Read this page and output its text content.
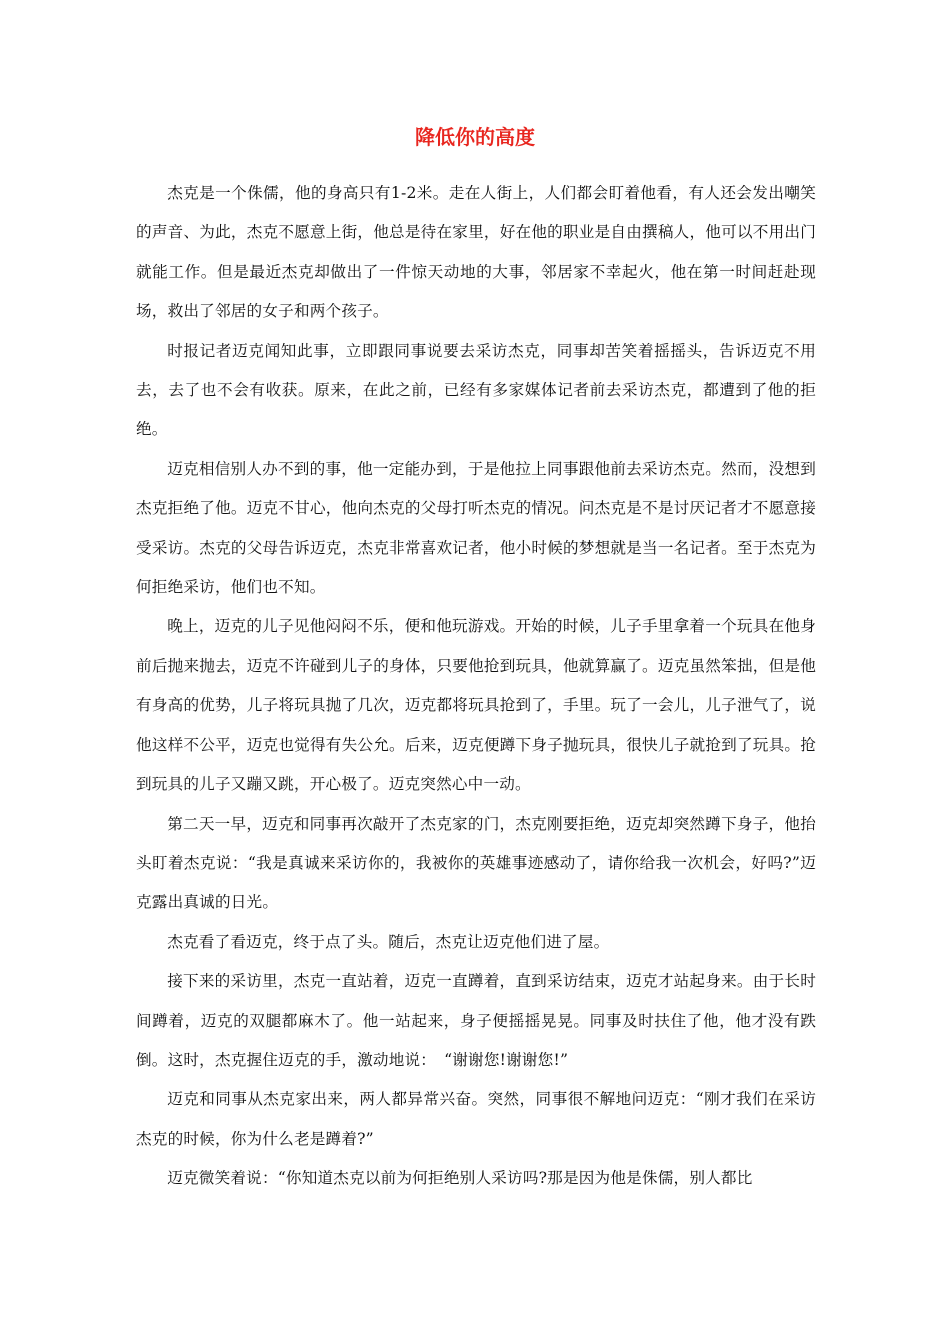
降低你的高度

杰克是一个侏儒，他的身高只有1-2米。走在人街上，人们都会盯着他看，有人还会发出嘲笑的声音、为此，杰克不愿意上街，他总是待在家里，好在他的职业是自由撰稿人，他可以不用出门就能工作。但是最近杰克却做出了一件惊天动地的大事，邻居家不幸起火，他在第一时间赶赴现场，救出了邻居的女子和两个孩子。

时报记者迈克闻知此事，立即跟同事说要去采访杰克，同事却苦笑着摇摇头，告诉迈克不用去，去了也不会有收获。原来，在此之前，已经有多家媒体记者前去采访杰克，都遭到了他的拒绝。

迈克相信别人办不到的事，他一定能办到，于是他拉上同事跟他前去采访杰克。然而，没想到杰克拒绝了他。迈克不甘心，他向杰克的父母打听杰克的情况。问杰克是不是讨厌记者才不愿意接受采访。杰克的父母告诉迈克，杰克非常喜欢记者，他小时候的梦想就是当一名记者。至于杰克为何拒绝采访，他们也不知。

晚上，迈克的儿子见他闷闷不乐，便和他玩游戏。开始的时候，儿子手里拿着一个玩具在他身前后抛来抛去，迈克不许碰到儿子的身体，只要他抢到玩具，他就算赢了。迈克虽然笨拙，但是他有身高的优势，儿子将玩具抛了几次，迈克都将玩具抢到了，手里。玩了一会儿，儿子泄气了，说他这样不公平，迈克也觉得有失公允。后来，迈克便蹲下身子抛玩具，很快儿子就抢到了玩具。抢到玩具的儿子又蹦又跳，开心极了。迈克突然心中一动。

第二天一早，迈克和同事再次敲开了杰克家的门，杰克刚要拒绝，迈克却突然蹲下身子，他抬头盯着杰克说：“我是真诚来采访你的，我被你的英雄事迹感动了，请你给我一次机会，好吗?”迈克露出真诚的日光。

杰克看了看迈克，终于点了头。随后，杰克让迈克他们进了屋。

接下来的采访里，杰克一直站着，迈克一直蹲着，直到采访结束，迈克才站起身来。由于长时间蹲着，迈克的双腿都麻木了。他一站起来，身子便摇摇晃晃。同事及时扶住了他，他才没有跌倒。这时，杰克握住迈克的手，激动地说：　“谢谢您!谢谢您!”

迈克和同事从杰克家出来，两人都异常兴奋。突然，同事很不解地问迈克：“刚才我们在采访杰克的时候，你为什么老是蹲着?”

迈克微笑着说：“你知道杰克以前为何拒绝别人采访吗?那是因为他是侏儒，别人都比
